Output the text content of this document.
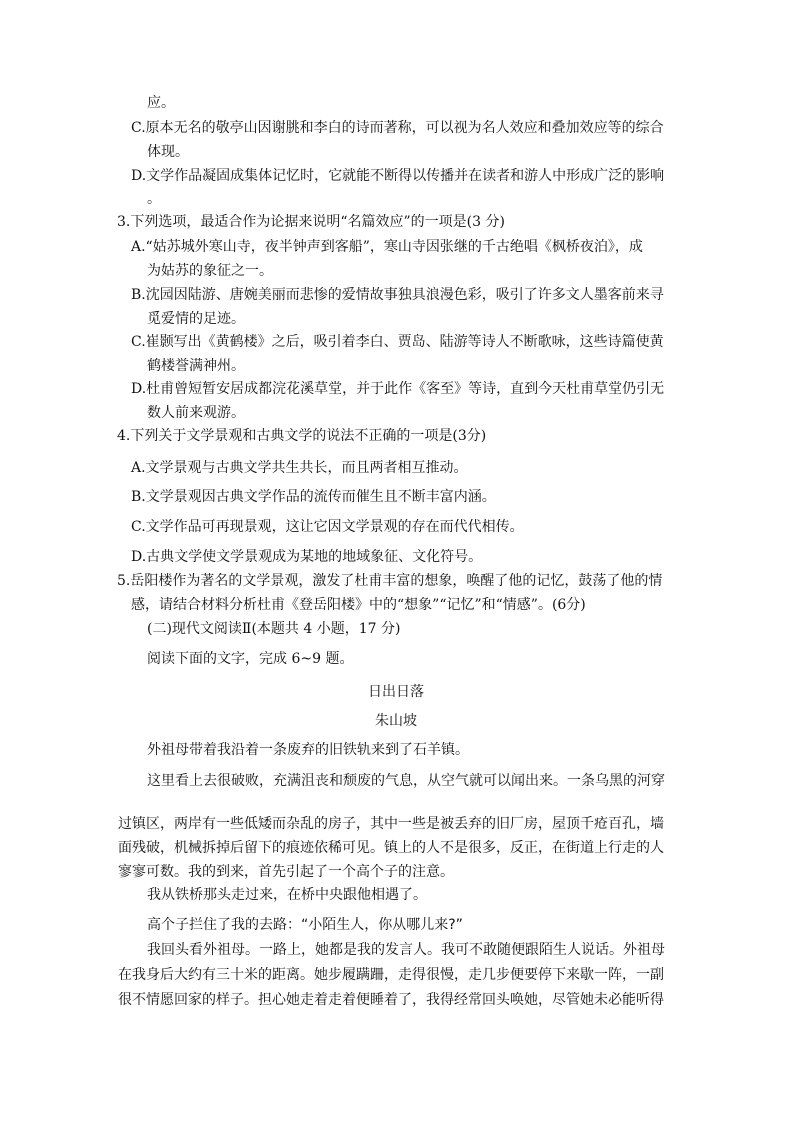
应。
C.原本无名的敬亭山因谢朓和李白的诗而著称，可以视为名人效应和叠加效应等的综合
体现。
D.文学作品凝固成集体记忆时，它就能不断得以传播并在读者和游人中形成广泛的影响
。
3.下列选项，最适合作为论据来说明“名篇效应”的一项是(3 分)
A.“姑苏城外寒山寺，夜半钟声到客船”，寒山寺因张继的千古绝唱《枫桥夜泊》，成
为姑苏的象征之一。
B.沈园因陆游、唐婉美丽而悲惨的爱情故事独具浪漫色彩，吸引了许多文人墨客前来寻
觅爱情的足迹。
C.崔颢写出《黄鹤楼》之后，吸引着李白、贾岛、陆游等诗人不断歌咏，这些诗篇使黄
鹤楼誉满神州。
D.杜甫曾短暂安居成都浣花溪草堂，并于此作《客至》等诗，直到今天杜甫草堂仍引无
数人前来观游。
4.下列关于文学景观和古典文学的说法不正确的一项是(3分)
A.文学景观与古典文学共生共长，而且两者相互推动。
B.文学景观因古典文学作品的流传而催生且不断丰富内涵。
C.文学作品可再现景观，这让它因文学景观的存在而代代相传。
D.古典文学使文学景观成为某地的地域象征、文化符号。
5.岳阳楼作为著名的文学景观，激发了杜甫丰富的想象，唤醒了他的记忆，鼓荡了他的情
感，请结合材料分析杜甫《登岳阳楼》中的“想象”“记忆”和“情感”。(6分)
(二)现代文阅读Ⅱ(本题共 4 小题，17 分)
阅读下面的文字，完成 6~9 题。
日出日落
朱山坡
外祖母带着我沿着一条废弃的旧铁轨来到了石羊镇。
这里看上去很破败，充满沮丧和颓废的气息，从空气就可以闻出来。一条乌黑的河穿
过镇区，两岸有一些低矮而杂乱的房子，其中一些是被丢弃的旧厂房，屋顶千疮百孔，墙
面残破，机械拆掉后留下的痕迹依稀可见。镇上的人不是很多，反正，在街道上行走的人
寥寥可数。我的到来，首先引起了一个高个子的注意。
我从铁桥那头走过来，在桥中央跟他相遇了。
高个子拦住了我的去路：“小陌生人，你从哪儿来?”
我回头看外祖母。一路上，她都是我的发言人。我可不敢随便跟陌生人说话。外祖母
在我身后大约有三十米的距离。她步履蹒跚，走得很慢，走几步便要停下来歇一阵，一副
很不情愿回家的样子。担心她走着走着便睡着了，我得经常回头唤她，尽管她未必能听得
